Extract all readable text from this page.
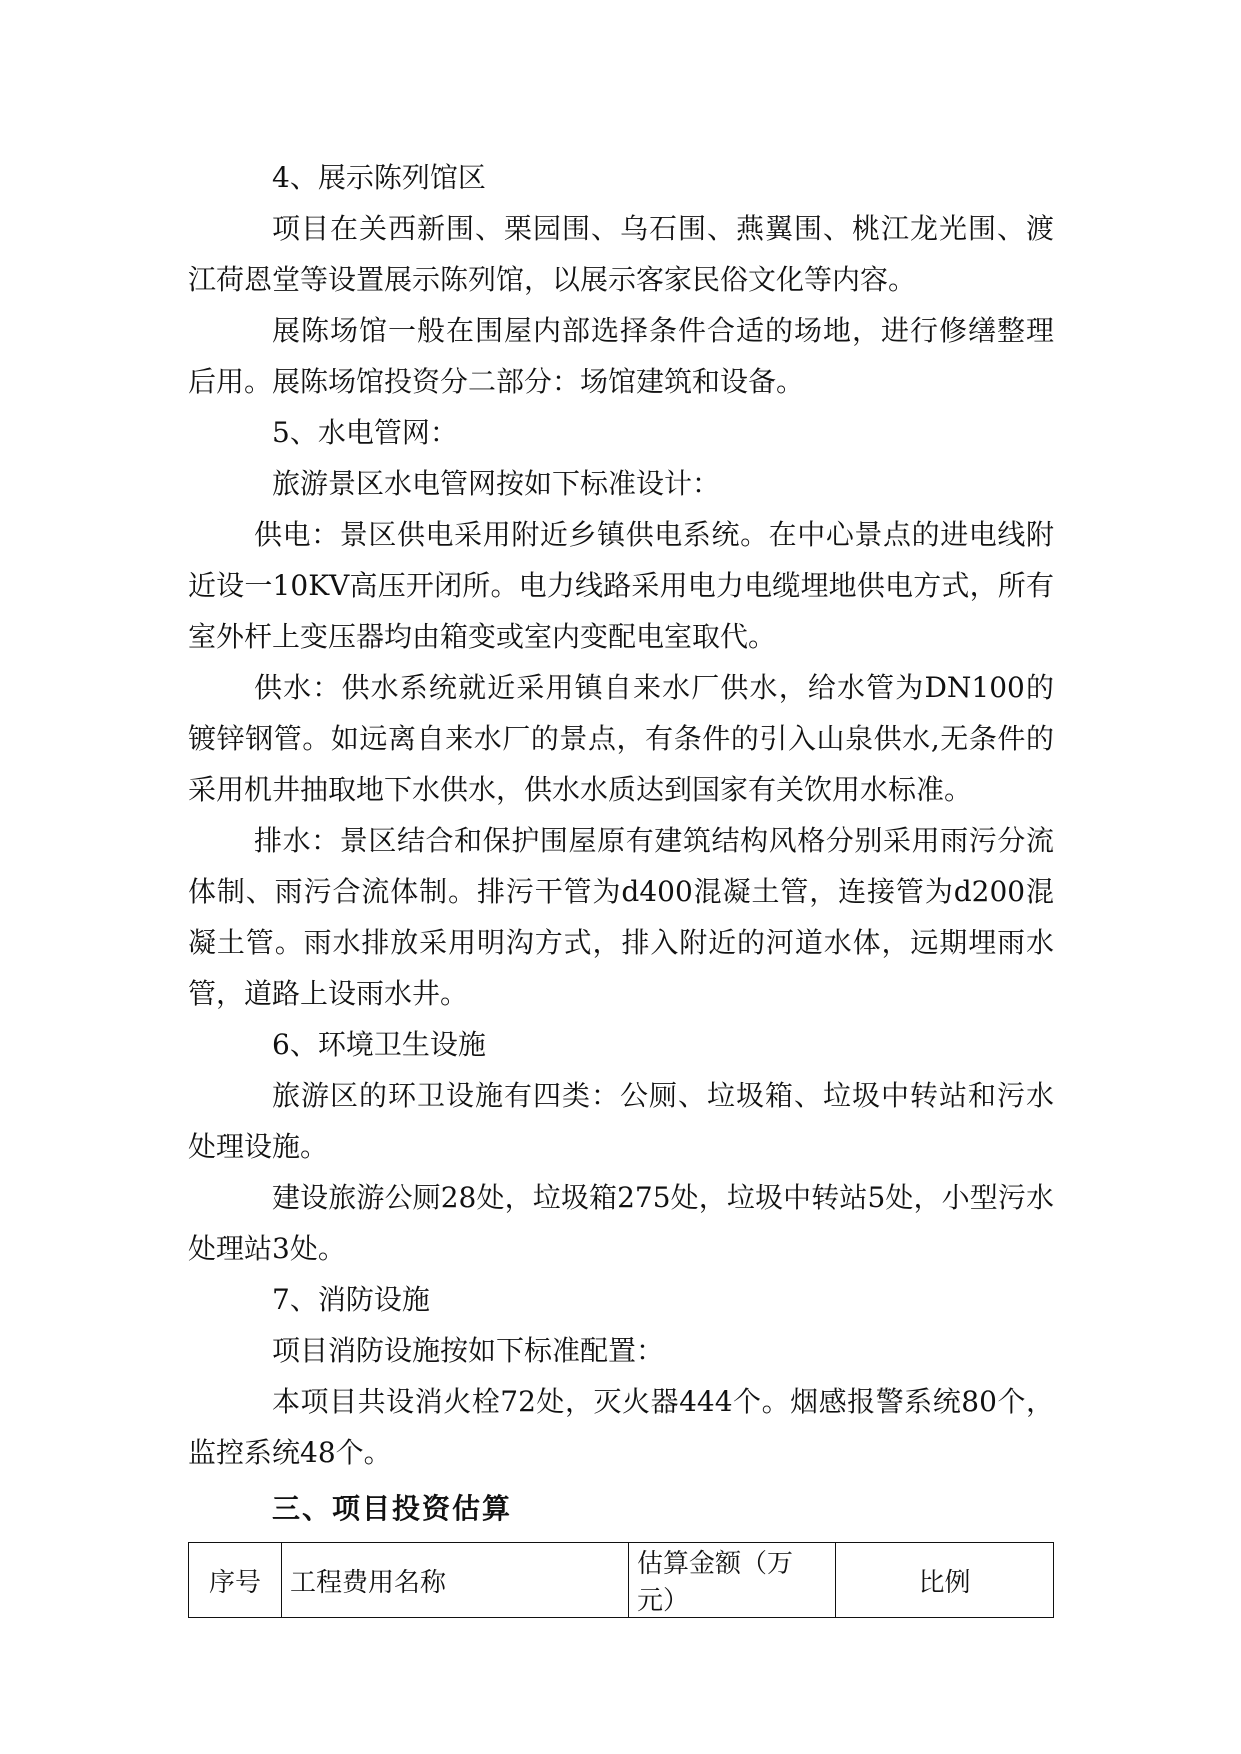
4、展示陈列馆区

项目在关西新围、栗园围、乌石围、燕翼围、桃江龙光围、渡江荷恩堂等设置展示陈列馆，以展示客家民俗文化等内容。

展陈场馆一般在围屋内部选择条件合适的场地，进行修缮整理后用。展陈场馆投资分二部分：场馆建筑和设备。

5、水电管网：

旅游景区水电管网按如下标准设计：

供电：景区供电采用附近乡镇供电系统。在中心景点的进电线附近设一10KV高压开闭所。电力线路采用电力电缆埋地供电方式，所有室外杆上变压器均由箱变或室内变配电室取代。

供水：供水系统就近采用镇自来水厂供水，给水管为DN100的镀锌钢管。如远离自来水厂的景点，有条件的引入山泉供水,无条件的采用机井抽取地下水供水，供水水质达到国家有关饮用水标准。

排水：景区结合和保护围屋原有建筑结构风格分别采用雨污分流体制、雨污合流体制。排污干管为d400混凝土管，连接管为d200混凝土管。雨水排放采用明沟方式，排入附近的河道水体，远期埋雨水管，道路上设雨水井。

6、环境卫生设施

旅游区的环卫设施有四类：公厕、垃圾箱、垃圾中转站和污水处理设施。

建设旅游公厕28处，垃圾箱275处，垃圾中转站5处，小型污水处理站3处。

7、消防设施

项目消防设施按如下标准配置：

本项目共设消火栓72处，灭火器444个。烟感报警系统80个，监控系统48个。

三、项目投资估算

序号	工程费用名称	估算金额（万元）	比例
